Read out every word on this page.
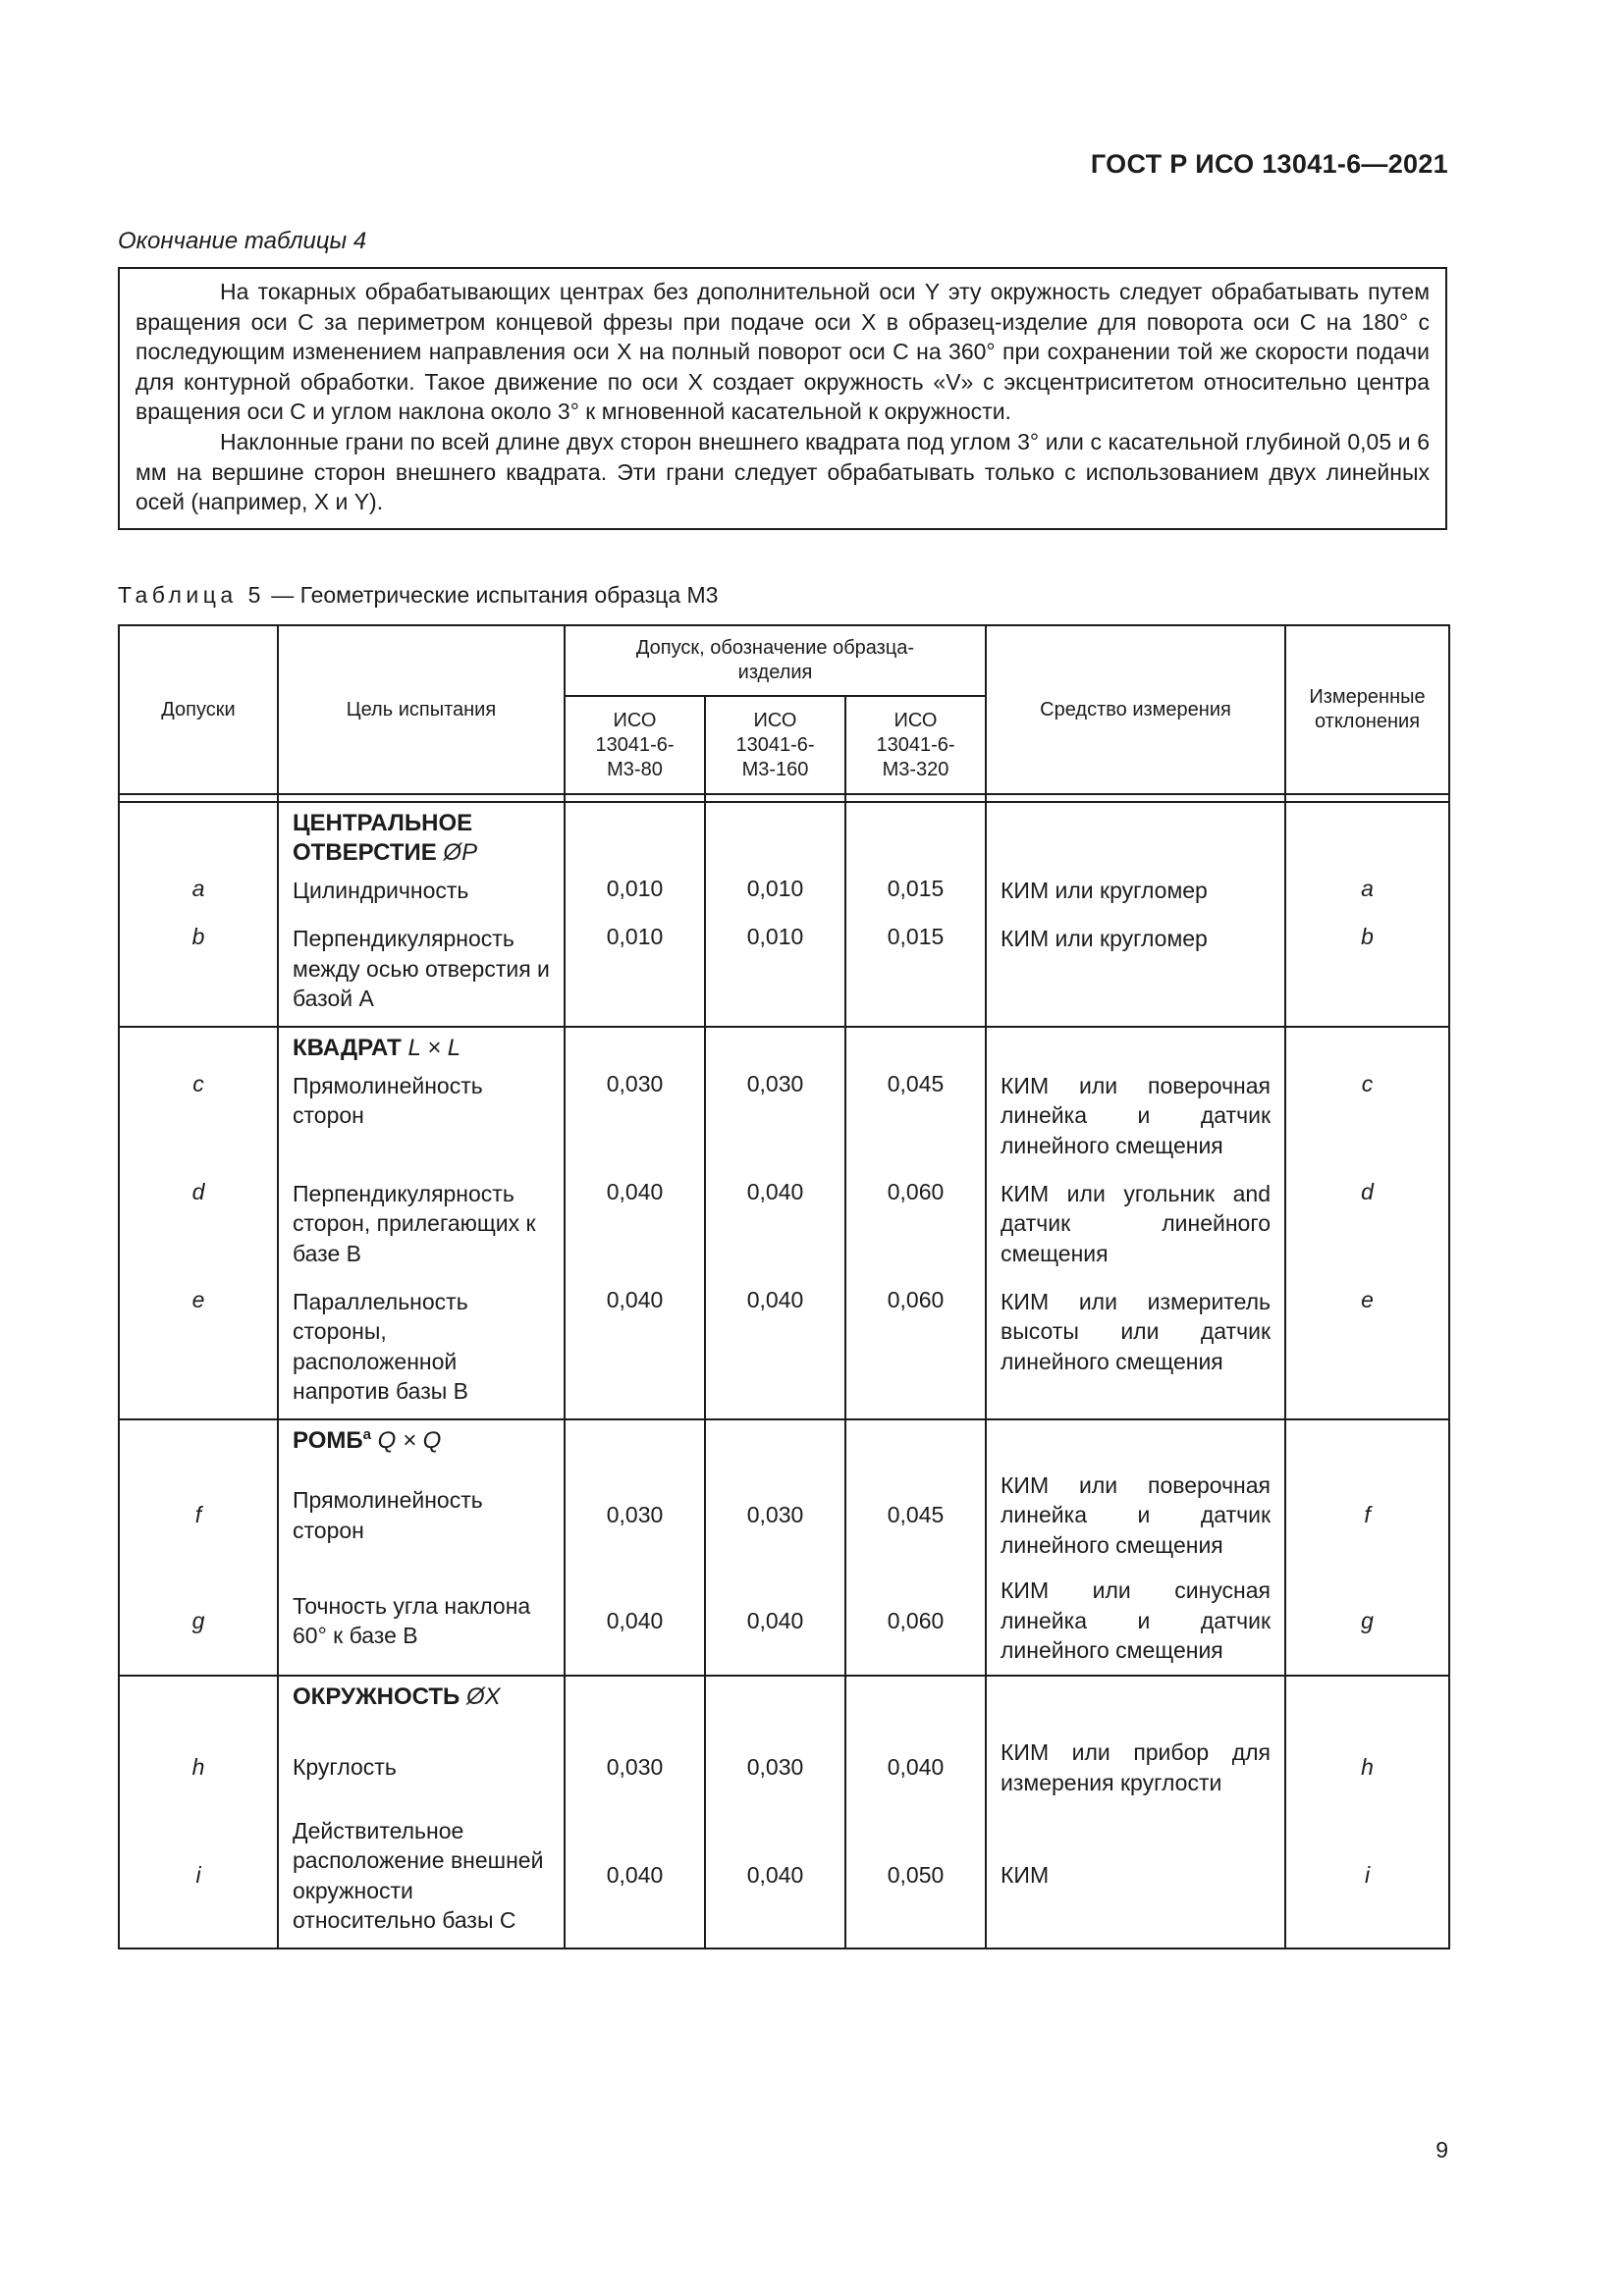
ГОСТ Р ИСО 13041-6—2021
Окончание таблицы 4

На токарных обрабатывающих центрах без дополнительной оси Y эту окружность следует обрабатывать путем вращения оси С за периметром концевой фрезы при подаче оси X в образец-изделие для поворота оси С на 180° с последующим изменением направления оси X на полный поворот оси С на 360° при сохранении той же скорости подачи для контурной обработки. Такое движение по оси X создает окружность «V» с эксцентриситетом относительно центра вращения оси С и углом наклона около 3° к мгновенной касательной к окружности.

Наклонные грани по всей длине двух сторон внешнего квадрата под углом 3° или с касательной глубиной 0,05 и 6 мм на вершине сторон внешнего квадрата. Эти грани следует обрабатывать только с использованием двух линейных осей (например, X и Y).

Таблица 5 — Геометрические испытания образца М3
Допуски	Цель испытания	Допуск, обозначение образца-изделия			Средство измерения	Измеренные отклонения
		ИСО 13041-6-М3-80	ИСО 13041-6-М3-160	ИСО 13041-6-М3-320		

	ЦЕНТРАЛЬНОЕ ОТВЕРСТИЕ ØP					
a	Цилиндричность	0,010	0,010	0,015	КИМ или кругломер	a
b	Перпендикулярность между осью отверстия и базой А	0,010	0,010	0,015	КИМ или кругломер	b
	КВАДРАТ L × L					
c	Прямолинейность сторон	0,030	0,030	0,045	КИМ или поверочная линейка и датчик линейного смещения	c
d	Перпендикулярность сторон, прилегающих к базе В	0,040	0,040	0,060	КИМ или угольник and датчик линейного смещения	d
e	Параллельность стороны, расположенной напротив базы В	0,040	0,040	0,060	КИМ или измеритель высоты или датчик линейного смещения	e
	РОМБ$^a$ Q × Q					
f	Прямолинейность сторон	0,030	0,030	0,045	КИМ или поверочная линейка и датчик линейного смещения	f
g	Точность угла наклона 60° к базе В	0,040	0,040	0,060	КИМ или синусная линейка и датчик линейного смещения	g
	ОКРУЖНОСТЬ ØX					
h	Круглость	0,030	0,030	0,040	КИМ или прибор для измерения круглости	h
i	Действительное расположение внешней окружности относительно базы С	0,040	0,040	0,050	КИМ	i
9
